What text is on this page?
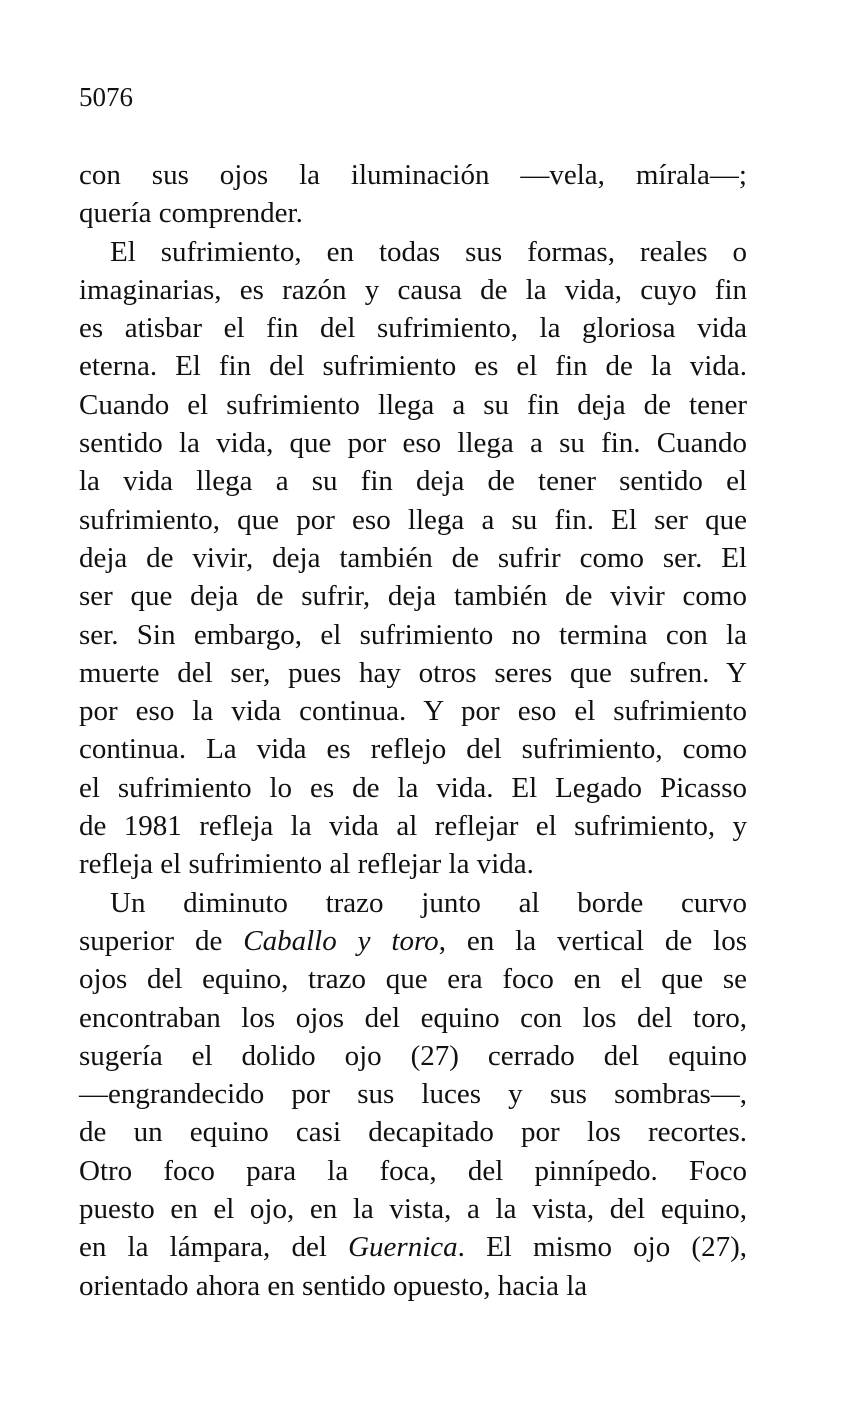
5076
con sus ojos la iluminación —vela, mírala—;
quería comprender.
El sufrimiento, en todas sus formas, reales o
imaginarias, es razón y causa de la vida, cuyo fin
es atisbar el fin del sufrimiento, la gloriosa vida
eterna. El fin del sufrimiento es el fin de la vida.
Cuando el sufrimiento llega a su fin deja de tener
sentido la vida, que por eso llega a su fin. Cuando
la vida llega a su fin deja de tener sentido el
sufrimiento, que por eso llega a su fin. El ser que
deja de vivir, deja también de sufrir como ser. El
ser que deja de sufrir, deja también de vivir como
ser. Sin embargo, el sufrimiento no termina con la
muerte del ser, pues hay otros seres que sufren. Y
por eso la vida continua. Y por eso el sufrimiento
continua. La vida es reflejo del sufrimiento, como
el sufrimiento lo es de la vida. El Legado Picasso
de 1981 refleja la vida al reflejar el sufrimiento, y
refleja el sufrimiento al reflejar la vida.
Un diminuto trazo junto al borde curvo
superior de Caballo y toro, en la vertical de los
ojos del equino, trazo que era foco en el que se
encontraban los ojos del equino con los del toro,
sugería el dolido ojo (27) cerrado del equino
—engrandecido por sus luces y sus sombras—,
de un equino casi decapitado por los recortes.
Otro foco para la foca, del pinnípedo. Foco
puesto en el ojo, en la vista, a la vista, del equino,
en la lámpara, del Guernica. El mismo ojo (27),
orientado ahora en sentido opuesto, hacia la
